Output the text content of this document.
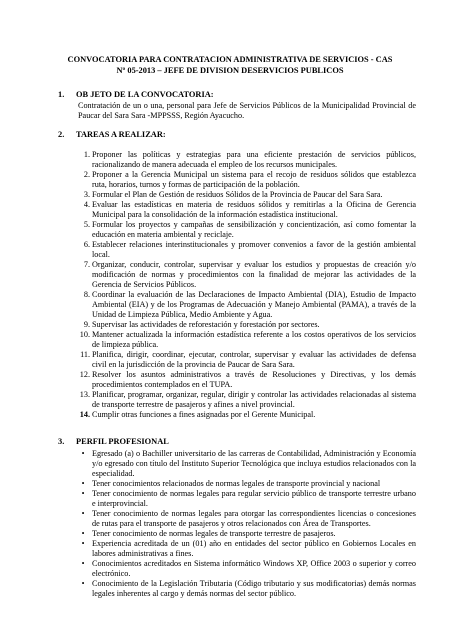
CONVOCATORIA PARA CONTRATACION ADMINISTRATIVA DE SERVICIOS - CAS
Nº 05-2013 – JEFE DE DIVISION DESERVICIOS PUBLICOS
1. OB JETO DE LA CONVOCATORIA:
Contratación de un o una, personal para Jefe de Servicios Públicos de la Municipalidad Provincial de Paucar del Sara Sara -MPPSSS, Región Ayacucho.
2. TAREAS A REALIZAR:
1. Proponer las políticas y estrategias para una eficiente prestación de servicios públicos, racionalizando de manera adecuada el empleo de los recursos municipales.
2. Proponer a la Gerencia Municipal un sistema para el recojo de residuos sólidos que establezca ruta, horarios, turnos y formas de participación de la población.
3. Formular el Plan de Gestión de residuos Sólidos de la Provincia de Paucar del Sara Sara.
4. Evaluar las estadísticas en materia de residuos sólidos y remitirlas a la Oficina de Gerencia Municipal para la consolidación de la información estadística institucional.
5. Formular los proyectos y campañas de sensibilización y concientización, así como fomentar la educación en materia ambiental y reciclaje.
6. Establecer relaciones interinstitucionales y promover convenios a favor de la gestión ambiental local.
7. Organizar, conducir, controlar, supervisar y evaluar los estudios y propuestas de creación y/o modificación de normas y procedimientos con la finalidad de mejorar las actividades de la Gerencia de Servicios Públicos.
8. Coordinar la evaluación de las Declaraciones de Impacto Ambiental (DIA), Estudio de Impacto Ambiental (EIA) y de los Programas de Adecuación y Manejo Ambiental (PAMA), a través de la Unidad de Limpieza Pública, Medio Ambiente y Agua.
9. Supervisar las actividades de reforestación y forestación por sectores.
10. Mantener actualizada la información estadística referente a los costos operativos de los servicios de limpieza pública.
11. Planifica, dirigir, coordinar, ejecutar, controlar, supervisar y evaluar las actividades de defensa civil en la jurisdicción de la provincia de Paucar de Sara Sara.
12. Resolver los asuntos administrativos a través de Resoluciones y Directivas, y los demás procedimientos contemplados en el TUPA.
13. Planificar, programar, organizar, regular, dirigir y controlar las actividades relacionadas al sistema de transporte terrestre de pasajeros y afines a nivel provincial.
14. Cumplir otras funciones a fines asignadas por el Gerente Municipal.
3. PERFIL PROFESIONAL
• Egresado (a) o Bachiller universitario de las carreras de Contabilidad, Administración y Economía y/o egresado con título del Instituto Superior Tecnológica que incluya estudios relacionados con la especialidad.
• Tener conocimientos relacionados de normas legales de transporte provincial y nacional
• Tener conocimiento de normas legales para regular servicio público de transporte terrestre urbano e interprovincial.
• Tener conocimiento de normas legales para otorgar las correspondientes licencias o concesiones de rutas para el transporte de pasajeros y otros relacionados con Área de Transportes.
• Tener conocimiento de normas legales de transporte terrestre de pasajeros.
• Experiencia acreditada de un (01) año en entidades del sector público en Gobiernos Locales en labores administrativas a fines.
• Conocimientos acreditados en Sistema informático Windows XP, Office 2003 o superior y correo electrónico.
• Conocimiento de la Legislación Tributaria (Código tributario y sus modificatorias) demás normas legales inherentes al cargo y demás normas del sector público.
